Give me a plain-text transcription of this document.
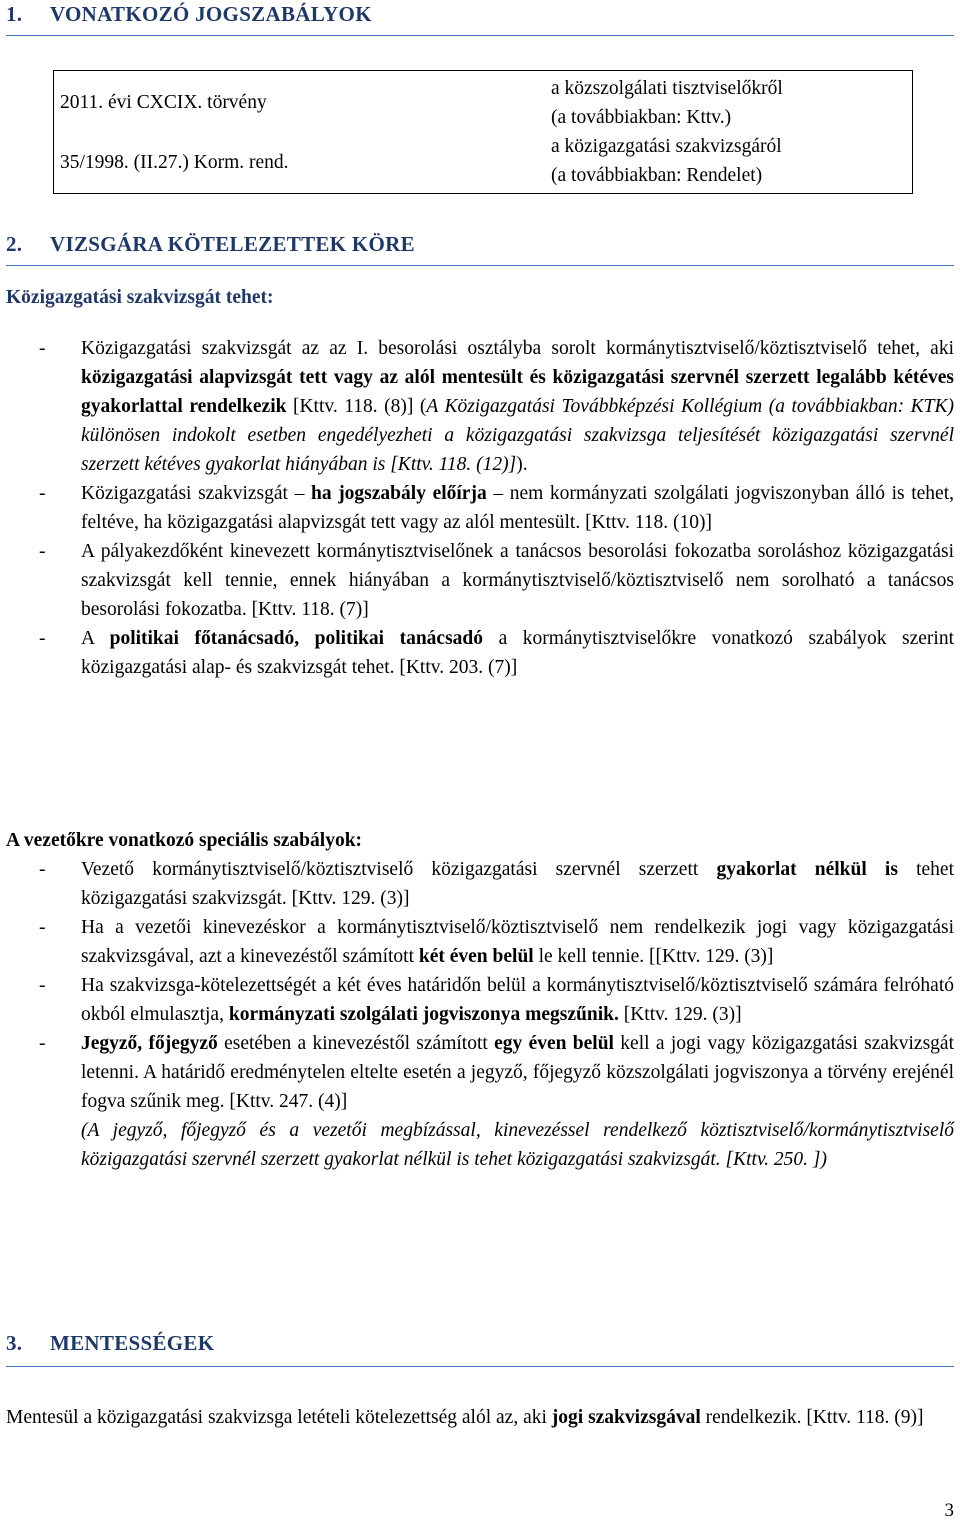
1. VONATKOZÓ JOGSZABÁLYOK
2011. évi CXCIX. törvény	a közszolgálati tisztviselőkről
(a továbbiakban: Kttv.)

35/1998. (II.27.) Korm. rend.	a közigazgatási szakvizsgáról
(a továbbiakban: Rendelet)
2. VIZSGÁRA KÖTELEZETTEK KÖRE
Közigazgatási szakvizsgát tehet:
- Közigazgatási szakvizsgát az az I. besorolási osztályba sorolt kormánytisztviselő/köztisztviselő tehet, aki közigazgatási alapvizsgát tett vagy az alól mentesült és közigazgatási szervnél szerzett legalább kétéves gyakorlattal rendelkezik [Kttv. 118. (8)] (A Közigazgatási Továbbképzési Kollégium (a továbbiakban: KTK) különösen indokolt esetben engedélyezheti a közigazgatási szakvizsga teljesítését közigazgatási szervnél szerzett kétéves gyakorlat hiányában is [Kttv. 118. (12)]).
- Közigazgatási szakvizsgát – ha jogszabály előírja – nem kormányzati szolgálati jogviszonyban álló is tehet, feltéve, ha közigazgatási alapvizsgát tett vagy az alól mentesült. [Kttv. 118. (10)]
- A pályakezdőként kinevezett kormánytisztviselőnek a tanácsos besorolási fokozatba soroláshoz közigazgatási szakvizsgát kell tennie, ennek hiányában a kormánytisztviselő/köztisztviselő nem sorolható a tanácsos besorolási fokozatba. [Kttv. 118. (7)]
- A politikai főtanácsadó, politikai tanácsadó a kormánytisztviselőkre vonatkozó szabályok szerint közigazgatási alap- és szakvizsgát tehet. [Kttv. 203. (7)]
A vezetőkre vonatkozó speciális szabályok:
- Vezető kormánytisztviselő/köztisztviselő közigazgatási szervnél szerzett gyakorlat nélkül is tehet közigazgatási szakvizsgát. [Kttv. 129. (3)]
- Ha a vezetői kinevezéskor a kormánytisztviselő/köztisztviselő nem rendelkezik jogi vagy közigazgatási szakvizsgával, azt a kinevezéstől számított két éven belül le kell tennie. [[Kttv. 129. (3)]
- Ha szakvizsga-kötelezettségét a két éves határidőn belül a kormánytisztviselő/köztisztviselő számára felróható okból elmulasztja, kormányzati szolgálati jogviszonya megszűnik. [Kttv. 129. (3)]
- Jegyző, főjegyző esetében a kinevezéstől számított egy éven belül kell a jogi vagy közigazgatási szakvizsgát letenni. A határidő eredménytelen eltelte esetén a jegyző, főjegyző közszolgálati jogviszonya a törvény erejénél fogva szűnik meg. [Kttv. 247. (4)]
(A jegyző, főjegyző és a vezetői megbízással, kinevezéssel rendelkező köztisztviselő/kormánytisztviselő közigazgatási szervnél szerzett gyakorlat nélkül is tehet közigazgatási szakvizsgát. [Kttv. 250. ])
3. MENTESSÉGEK

Mentesül a közigazgatási szakvizsga letételi kötelezettség alól az, aki jogi szakvizsgával rendelkezik. [Kttv. 118. (9)]

3
